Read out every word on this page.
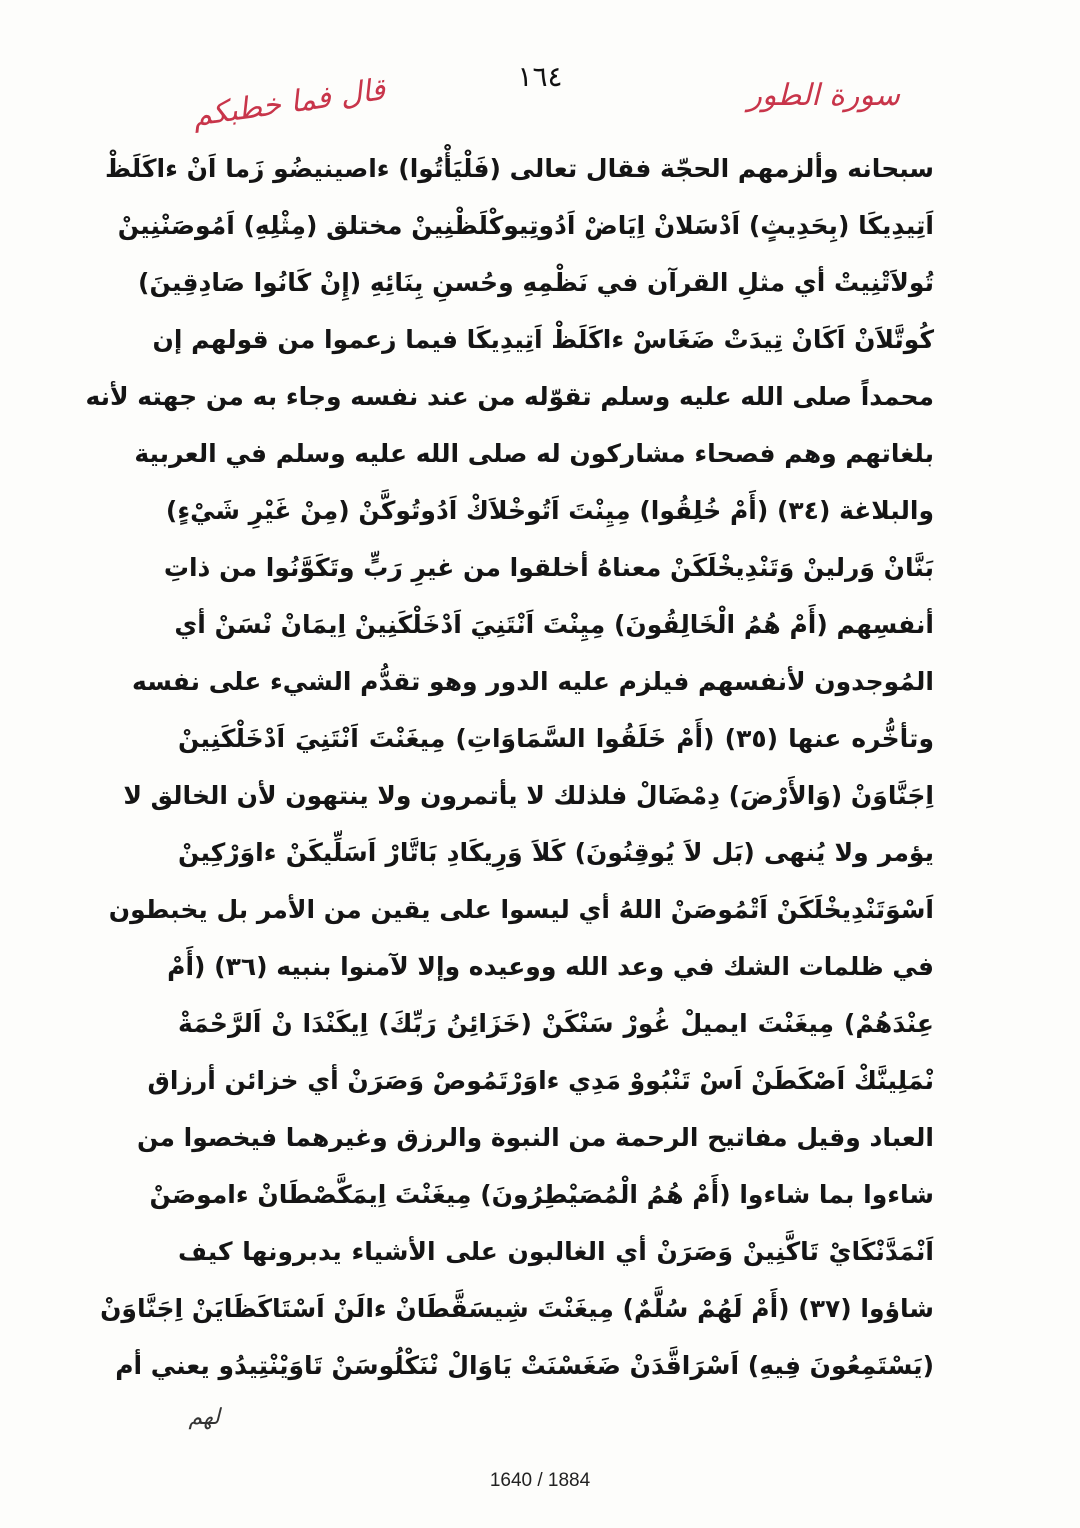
قال فما خطبكم	١٦٤
سورة الطور
سبحانه وألزمهم الحجّة فقال تعالى (فَلْيَأْتُوا) ءاصينيضُو زَما اَنْ ءاكَلَظْ
اَتِيدِيكَا (بِحَدِيثٍ) اَدْسَلانْ اِيَاضْ اَدُوتِيوكْلَظْنِينْ مختلق (مِثْلِهِ) اَمُوصَنْنِينْ
تُولاَتْنِيتْ أي مثلِ القرآن في نَظْمِهِ وحُسنِ بِنَائِهِ (إِنْ كَانُوا صَادِقِينَ)
كُوتَّلاَنْ اَكَانْ تِيدَتْ ضَغَاسْ ءاكَلَظْ اَتِيدِيكَا فيما زعموا من قولهم إن
محمداً صلى الله عليه وسلم تقوّله من عند نفسه وجاء به من جهته لأنه
بلغاتهم وهم فصحاء مشاركون له صلى الله عليه وسلم في العربية
والبلاغة (٣٤) (أَمْ خُلِقُوا) مِيِنْتَ اَتُوخْلاَكْ اَدُوتُوكَّنْ (مِنْ غَيْرِ شَيْءٍ)
بَنَّانْ وَرلينْ وَتَنْدِيخْلَكَنْ معناهُ أخلقوا من غيرِ رَبٍّ وتَكَوَّنُوا من ذاتِ
أنفسِهم (أَمْ هُمُ الْخَالِقُونَ) مِيِنْتَ اَنْتَنِيَ اَدْخَلْكَنِينْ اِيمَانْ نْسَنْ أي
المُوجدون لأنفسهم فيلزم عليه الدور وهو تقدُّم الشيء على نفسه
وتأخُّره عنها (٣٥) (أَمْ خَلَقُوا السَّمَاوَاتِ) مِيغَنْتَ اَنْتَنِيَ اَدْخَلْكَنِينْ
اِجَنَّاوَنْ (وَالأَرْضَ) دِمْضَالْ فلذلك لا يأتمرون ولا ينتهون لأن الخالق لا
يؤمر ولا يُنهى (بَل لاَ يُوقِنُونَ) كَلاَ وَرِيكَادِ بَاتَّارْ اَسَلِّيكَنْ ءاوَرْكِينْ
اَسْوَتَنْدِيخْلَكَنْ اَتْمُوصَنْ اللهُ أي ليسوا على يقين من الأمر بل يخبطون
في ظلمات الشك في وعد الله ووعيده وإلا لآمنوا بنبيه (٣٦) (أَمْ
عِنْدَهُمْ) مِيغَنْتَ ايميلْ غُورْ سَنْكَنْ (خَزَائِنُ رَبِّكَ) اِيكَنْدَا نْ اَلرَّحْمَةْ
نْمَلِينَّكْ اَصْكَطَنْ اَسْ تَنْبُووْ مَدِي ءاوَرْتَمُوصْ وَصَرَنْ أي خزائن أرزاق
العباد وقيل مفاتيح الرحمة من النبوة والرزق وغيرهما فيخصوا من
شاءوا بما شاءوا (أَمْ هُمُ الْمُصَيْطِرُونَ) مِيغَنْتَ اِيمَكَّصْطَانْ ءاموصَنْ
اَنْمَدَّنْكَايْ تَاكَّنِينْ وَصَرَنْ أي الغالبون على الأشياء يدبرونها كيف
شاؤوا (٣٧) (أَمْ لَهُمْ سُلَّمٌ) مِيغَنْتَ شِيسَقَّطَانْ ءالَنْ اَسْتَاكَظَايَنْ اِجَنَّاوَنْ
(يَسْتَمِعُونَ فِيهِ) اَسْرَاقَّدَنْ ضَغَسْنَتْ يَاوَالْ نْنَكْلُوسَنْ تَاوَيْنْتِيدُو يعني أم
لهم
1640 / 1884
